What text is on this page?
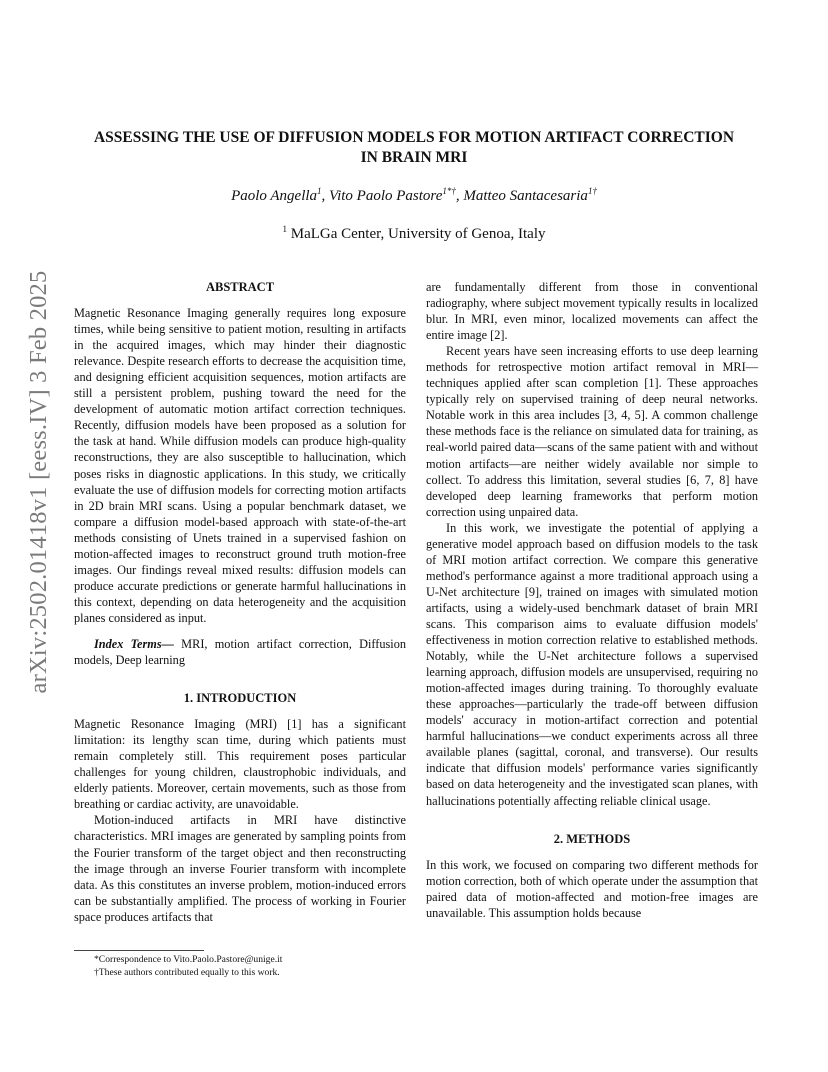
arXiv:2502.01418v1 [eess.IV] 3 Feb 2025
ASSESSING THE USE OF DIFFUSION MODELS FOR MOTION ARTIFACT CORRECTION
IN BRAIN MRI
Paolo Angella$^1$, Vito Paolo Pastore$^{1*\dagger}$, Matteo Santacesaria$^{1\dagger}$
$^1$ MaLGa Center, University of Genoa, Italy
ABSTRACT

Magnetic Resonance Imaging generally requires long exposure times, while being sensitive to patient motion, resulting in artifacts in the acquired images, which may hinder their diagnostic relevance. Despite research efforts to decrease the acquisition time, and designing efficient acquisition sequences, motion artifacts are still a persistent problem, pushing toward the need for the development of automatic motion artifact correction techniques. Recently, diffusion models have been proposed as a solution for the task at hand. While diffusion models can produce high-quality reconstructions, they are also susceptible to hallucination, which poses risks in diagnostic applications. In this study, we critically evaluate the use of diffusion models for correcting motion artifacts in 2D brain MRI scans. Using a popular benchmark dataset, we compare a diffusion model-based approach with state-of-the-art methods consisting of Unets trained in a supervised fashion on motion-affected images to reconstruct ground truth motion-free images. Our findings reveal mixed results: diffusion models can produce accurate predictions or generate harmful hallucinations in this context, depending on data heterogeneity and the acquisition planes considered as input.

Index Terms— MRI, motion artifact correction, Diffusion models, Deep learning

1. INTRODUCTION

Magnetic Resonance Imaging (MRI) [1] has a significant limitation: its lengthy scan time, during which patients must remain completely still. This requirement poses particular challenges for young children, claustrophobic individuals, and elderly patients. Moreover, certain movements, such as those from breathing or cardiac activity, are unavoidable.

Motion-induced artifacts in MRI have distinctive characteristics. MRI images are generated by sampling points from the Fourier transform of the target object and then reconstructing the image through an inverse Fourier transform with incomplete data. As this constitutes an inverse problem, motion-induced errors can be substantially amplified. The process of working in Fourier space produces artifacts that

are fundamentally different from those in conventional radiography, where subject movement typically results in localized blur. In MRI, even minor, localized movements can affect the entire image [2].

Recent years have seen increasing efforts to use deep learning methods for retrospective motion artifact removal in MRI—techniques applied after scan completion [1]. These approaches typically rely on supervised training of deep neural networks. Notable work in this area includes [3, 4, 5]. A common challenge these methods face is the reliance on simulated data for training, as real-world paired data—scans of the same patient with and without motion artifacts—are neither widely available nor simple to collect. To address this limitation, several studies [6, 7, 8] have developed deep learning frameworks that perform motion correction using unpaired data.

In this work, we investigate the potential of applying a generative model approach based on diffusion models to the task of MRI motion artifact correction. We compare this generative method's performance against a more traditional approach using a U-Net architecture [9], trained on images with simulated motion artifacts, using a widely-used benchmark dataset of brain MRI scans. This comparison aims to evaluate diffusion models' effectiveness in motion correction relative to established methods. Notably, while the U-Net architecture follows a supervised learning approach, diffusion models are unsupervised, requiring no motion-affected images during training. To thoroughly evaluate these approaches—particularly the trade-off between diffusion models' accuracy in motion-artifact correction and potential harmful hallucinations—we conduct experiments across all three available planes (sagittal, coronal, and transverse). Our results indicate that diffusion models' performance varies significantly based on data heterogeneity and the investigated scan planes, with hallucinations potentially affecting reliable clinical usage.

2. METHODS

In this work, we focused on comparing two different methods for motion correction, both of which operate under the assumption that paired data of motion-affected and motion-free images are unavailable. This assumption holds because

*Correspondence to Vito.Paolo.Pastore@unige.it
†These authors contributed equally to this work.
